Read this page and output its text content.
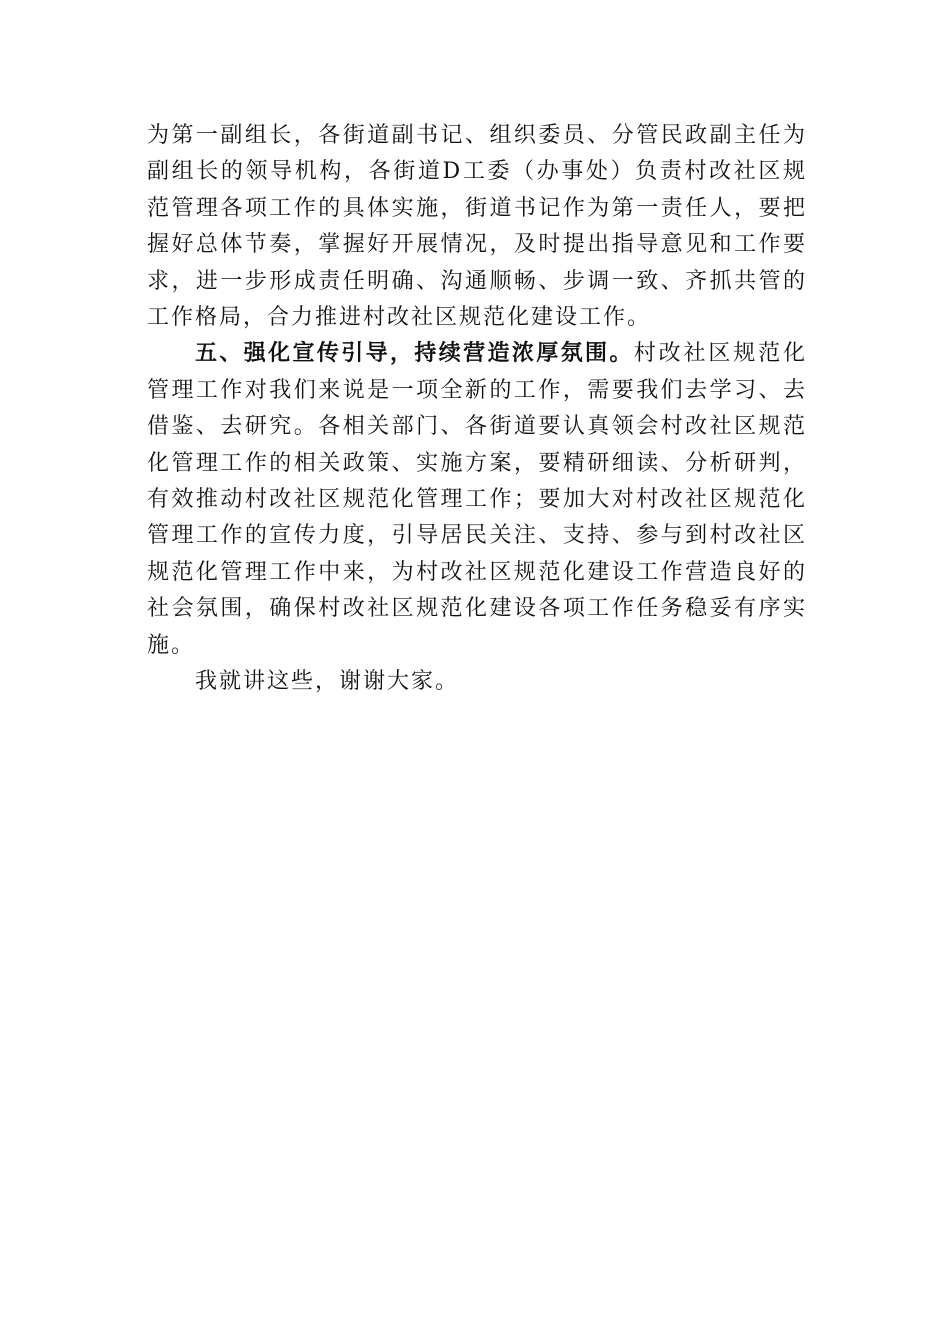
为第一副组长，各街道副书记、组织委员、分管民政副主任为副组长的领导机构，各街道D工委（办事处）负责村改社区规范管理各项工作的具体实施，街道书记作为第一责任人，要把握好总体节奏，掌握好开展情况，及时提出指导意见和工作要求，进一步形成责任明确、沟通顺畅、步调一致、齐抓共管的工作格局，合力推进村改社区规范化建设工作。

五、强化宣传引导，持续营造浓厚氛围。村改社区规范化管理工作对我们来说是一项全新的工作，需要我们去学习、去借鉴、去研究。各相关部门、各街道要认真领会村改社区规范化管理工作的相关政策、实施方案，要精研细读、分析研判，有效推动村改社区规范化管理工作；要加大对村改社区规范化管理工作的宣传力度，引导居民关注、支持、参与到村改社区规范化管理工作中来，为村改社区规范化建设工作营造良好的社会氛围，确保村改社区规范化建设各项工作任务稳妥有序实施。

我就讲这些，谢谢大家。
